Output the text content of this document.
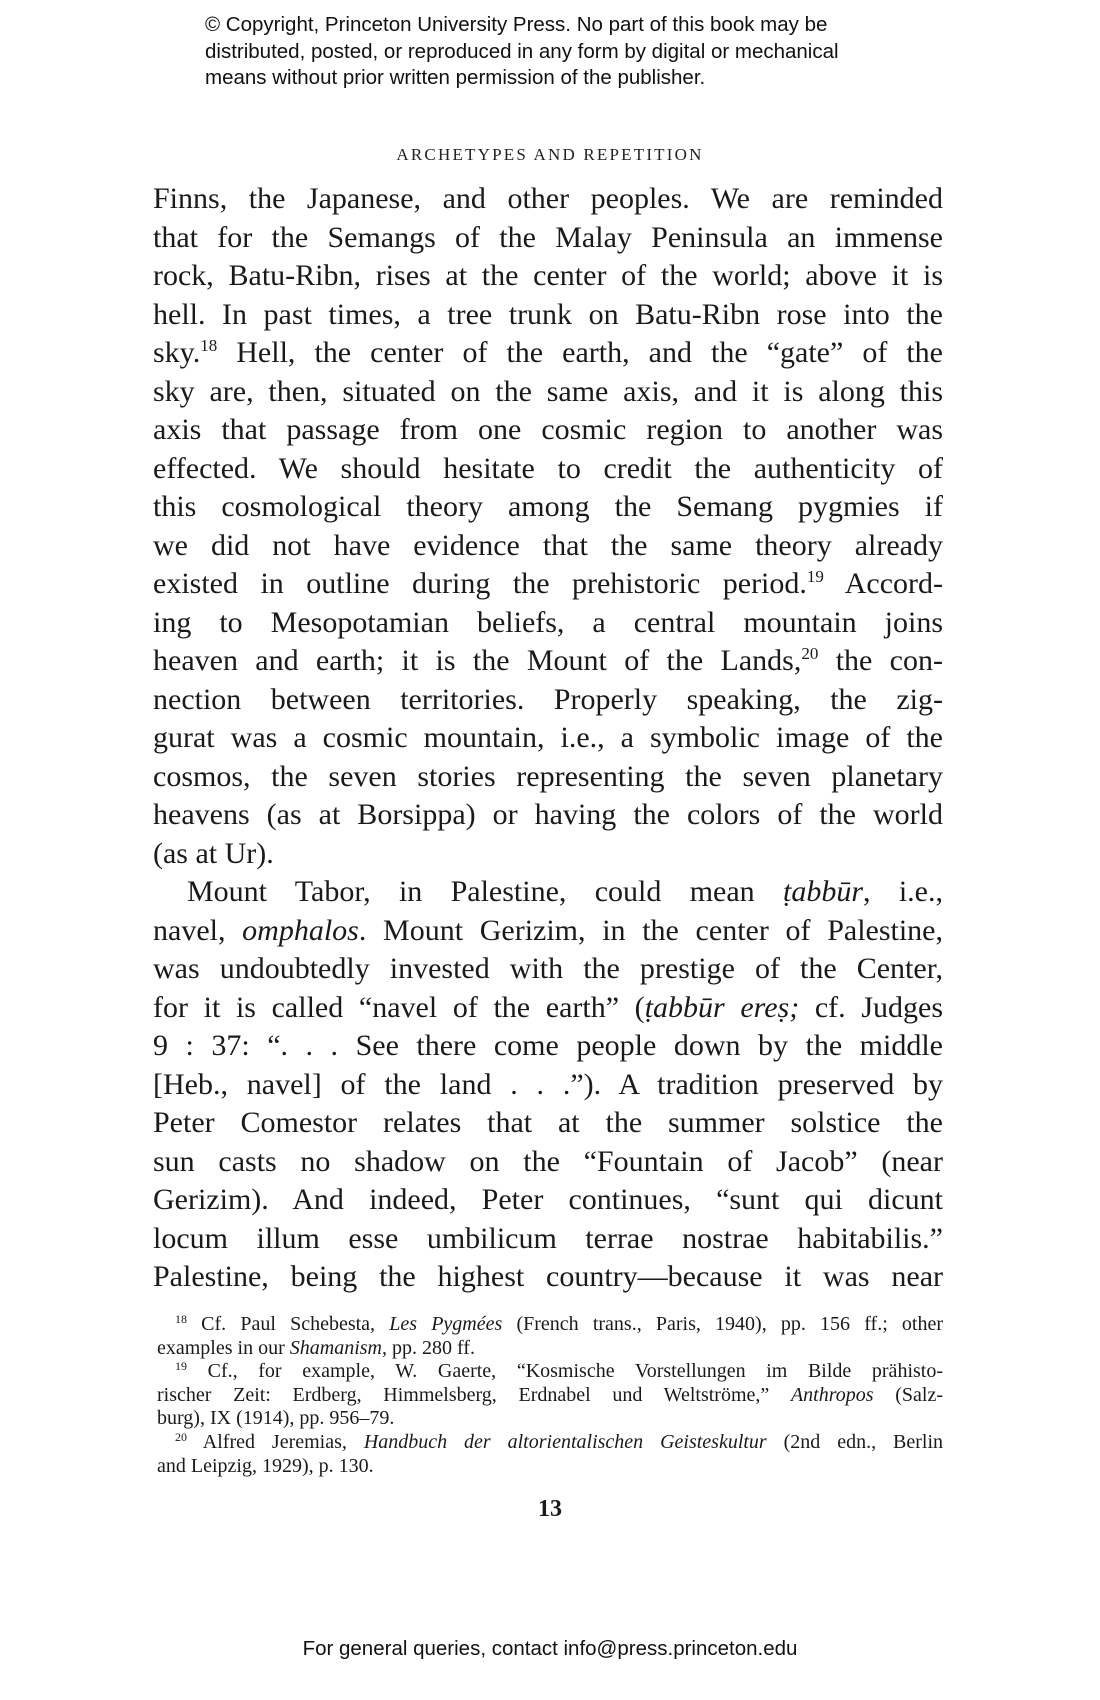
© Copyright, Princeton University Press. No part of this book may be
distributed, posted, or reproduced in any form by digital or mechanical
means without prior written permission of the publisher.
ARCHETYPES AND REPETITION
Finns, the Japanese, and other peoples. We are reminded
that for the Semangs of the Malay Peninsula an immense
rock, Batu-Ribn, rises at the center of the world; above it is
hell. In past times, a tree trunk on Batu-Ribn rose into the
sky.$^{18}$ Hell, the center of the earth, and the “gate” of the
sky are, then, situated on the same axis, and it is along this
axis that passage from one cosmic region to another was
effected. We should hesitate to credit the authenticity of
this cosmological theory among the Semang pygmies if
we did not have evidence that the same theory already
existed in outline during the prehistoric period.$^{19}$ Accord-
ing to Mesopotamian beliefs, a central mountain joins
heaven and earth; it is the Mount of the Lands,$^{20}$ the con-
nection between territories. Properly speaking, the zig-
gurat was a cosmic mountain, i.e., a symbolic image of the
cosmos, the seven stories representing the seven planetary
heavens (as at Borsippa) or having the colors of the world
(as at Ur).
Mount Tabor, in Palestine, could mean ṭabbūr, i.e.,
navel, omphalos. Mount Gerizim, in the center of Palestine,
was undoubtedly invested with the prestige of the Center,
for it is called “navel of the earth” (ṭabbūr ereṣ; cf. Judges
9 : 37: “. . . See there come people down by the middle
[Heb., navel] of the land . . .”). A tradition preserved by
Peter Comestor relates that at the summer solstice the
sun casts no shadow on the “Fountain of Jacob” (near
Gerizim). And indeed, Peter continues, “sunt qui dicunt
locum illum esse umbilicum terrae nostrae habitabilis.”
Palestine, being the highest country—because it was near
$^{18}$ Cf. Paul Schebesta, Les Pygmées (French trans., Paris, 1940), pp. 156 ff.; other
examples in our Shamanism, pp. 280 ff.
$^{19}$ Cf., for example, W. Gaerte, “Kosmische Vorstellungen im Bilde prähisto-
rischer Zeit: Erdberg, Himmelsberg, Erdnabel und Weltströme,” Anthropos (Salz-
burg), IX (1914), pp. 956–79.
$^{20}$ Alfred Jeremias, Handbuch der altorientalischen Geisteskultur (2nd edn., Berlin
and Leipzig, 1929), p. 130.
13
For general queries, contact info@press.princeton.edu
